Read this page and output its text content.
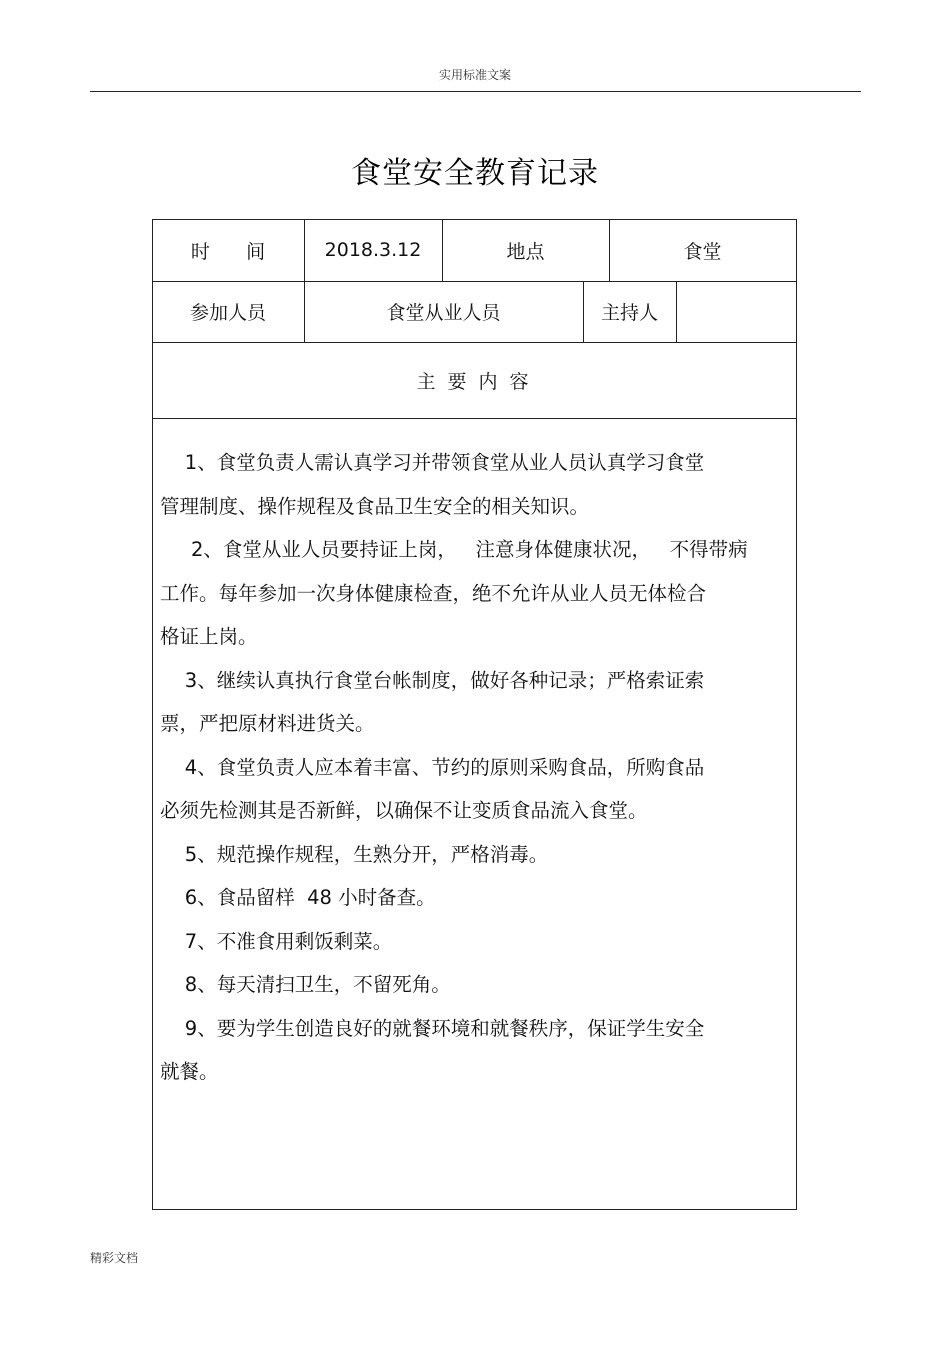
实用标准文案
食堂安全教育记录
时      间	2018.3.12	地点	食堂
参加人员	食堂从业人员	主持人
主 要 内 容

1、食堂负责人需认真学习并带领食堂从业人员认真学习食堂

管理制度、操作规程及食品卫生安全的相关知识。

2、食堂从业人员要持证上岗，   注意身体健康状况，   不得带病

工作。每年参加一次身体健康检查，绝不允许从业人员无体检合

格证上岗。

3、继续认真执行食堂台帐制度，做好各种记录；严格索证索

票，严把原材料进货关。

4、食堂负责人应本着丰富、节约的原则采购食品，所购食品

必须先检测其是否新鲜，以确保不让变质食品流入食堂。

5、规范操作规程，生熟分开，严格消毒。

6、食品留样  48 小时备查。

7、不准食用剩饭剩菜。

8、每天清扫卫生，不留死角。

9、要为学生创造良好的就餐环境和就餐秩序，保证学生安全

就餐。

精彩文档
